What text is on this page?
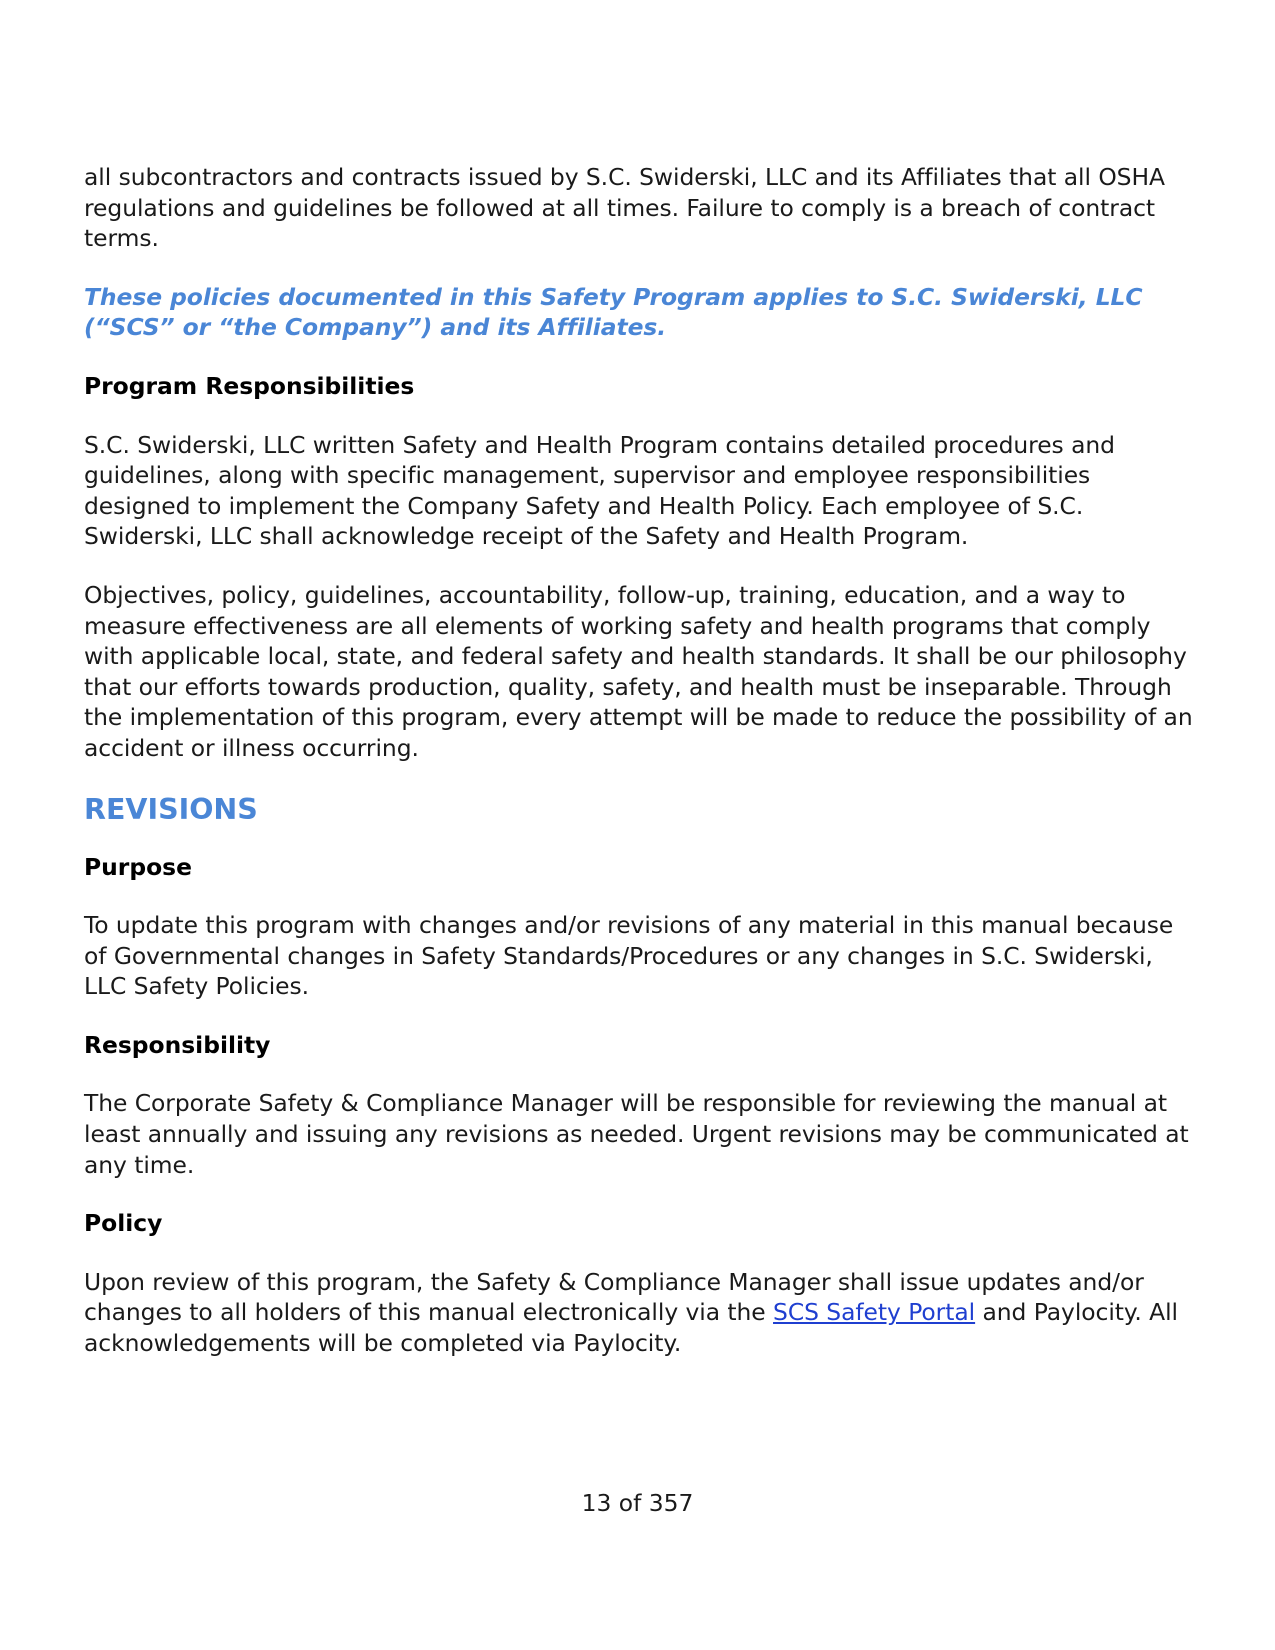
all subcontractors and contracts issued by S.C. Swiderski, LLC and its Affiliates that all OSHA regulations and guidelines be followed at all times. Failure to comply is a breach of contract terms.

These policies documented in this Safety Program applies to S.C. Swiderski, LLC (“SCS” or “the Company”) and its Affiliates.

Program Responsibilities

S.C. Swiderski, LLC written Safety and Health Program contains detailed procedures and guidelines, along with specific management, supervisor and employee responsibilities designed to implement the Company Safety and Health Policy. Each employee of S.C. Swiderski, LLC shall acknowledge receipt of the Safety and Health Program.

Objectives, policy, guidelines, accountability, follow-up, training, education, and a way to measure effectiveness are all elements of working safety and health programs that comply with applicable local, state, and federal safety and health standards. It shall be our philosophy that our efforts towards production, quality, safety, and health must be inseparable. Through the implementation of this program, every attempt will be made to reduce the possibility of an accident or illness occurring.

REVISIONS
Purpose

To update this program with changes and/or revisions of any material in this manual because of Governmental changes in Safety Standards/Procedures or any changes in S.C. Swiderski, LLC Safety Policies.

Responsibility

The Corporate Safety & Compliance Manager will be responsible for reviewing the manual at least annually and issuing any revisions as needed. Urgent revisions may be communicated at any time.

Policy

Upon review of this program, the Safety & Compliance Manager shall issue updates and/or changes to all holders of this manual electronically via the SCS Safety Portal and Paylocity. All acknowledgements will be completed via Paylocity.

13 of 357
